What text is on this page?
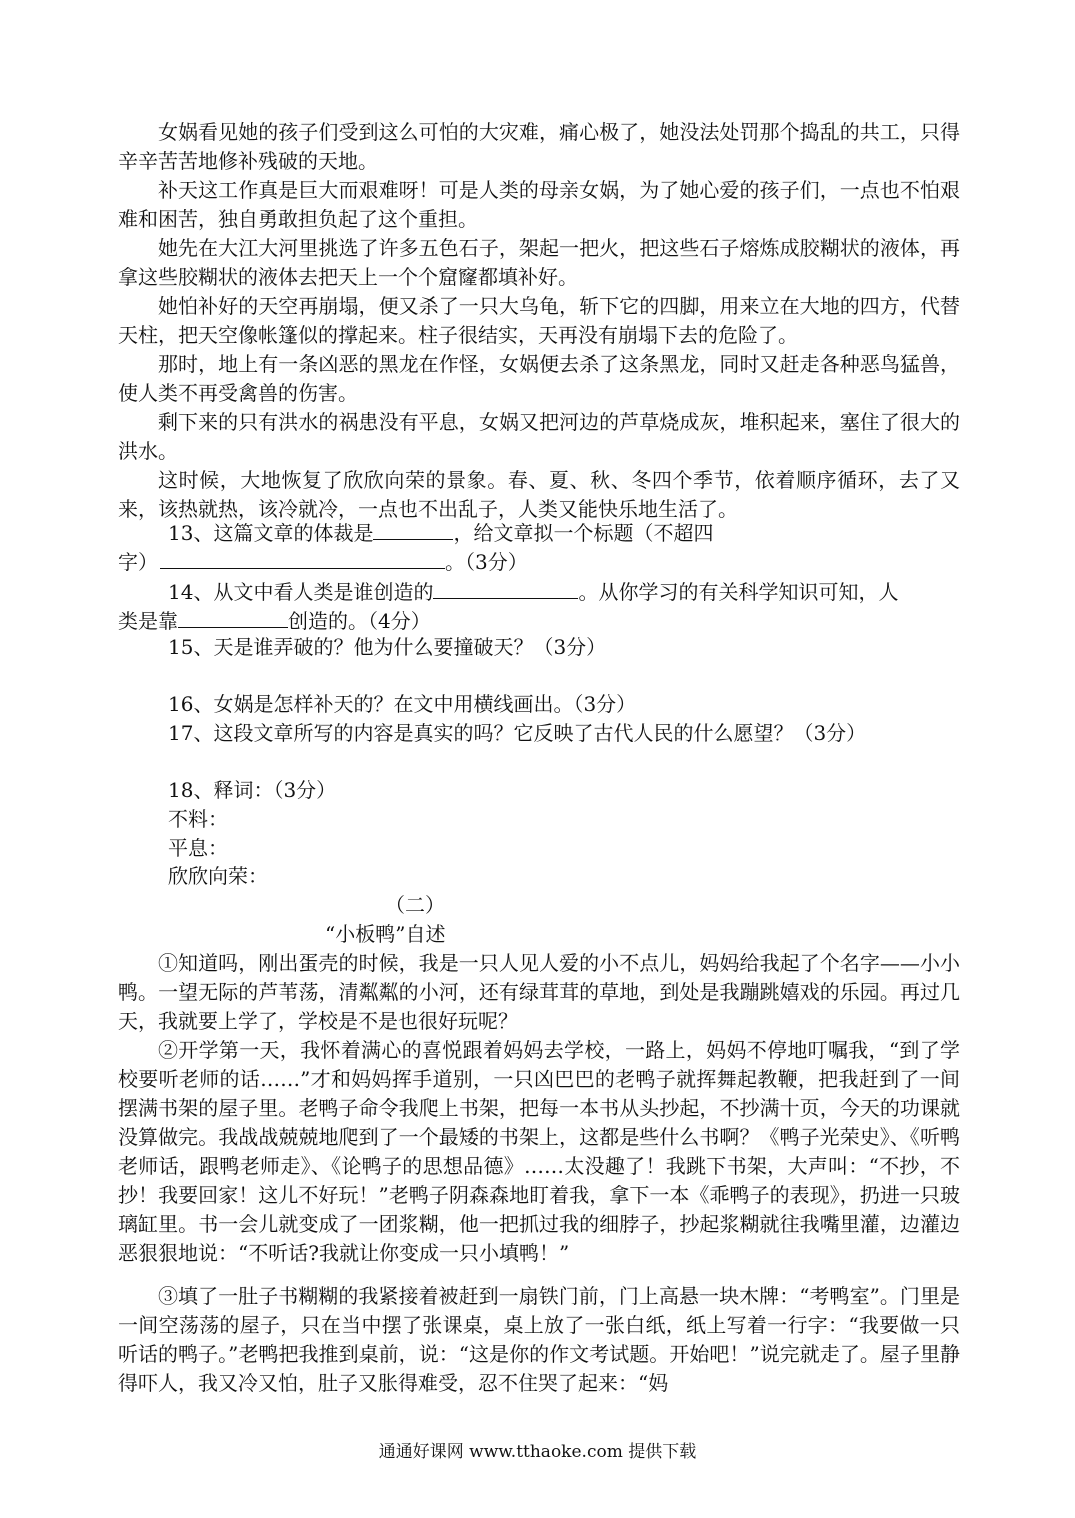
女娲看见她的孩子们受到这么可怕的大灾难，痛心极了，她没法处罚那个捣乱的共工，只得辛辛苦苦地修补残破的天地。

补天这工作真是巨大而艰难呀！可是人类的母亲女娲，为了她心爱的孩子们，一点也不怕艰难和困苦，独自勇敢担负起了这个重担。

她先在大江大河里挑选了许多五色石子，架起一把火，把这些石子熔炼成胶糊状的液体，再拿这些胶糊状的液体去把天上一个个窟窿都填补好。

她怕补好的天空再崩塌，便又杀了一只大乌龟，斩下它的四脚，用来立在大地的四方，代替天柱，把天空像帐篷似的撑起来。柱子很结实，天再没有崩塌下去的危险了。

那时，地上有一条凶恶的黑龙在作怪，女娲便去杀了这条黑龙，同时又赶走各种恶鸟猛兽，使人类不再受禽兽的伤害。

剩下来的只有洪水的祸患没有平息，女娲又把河边的芦草烧成灰，堆积起来，塞住了很大的洪水。

这时候，大地恢复了欣欣向荣的景象。春、夏、秋、冬四个季节，依着顺序循环，去了又来，该热就热，该冷就冷，一点也不出乱子，人类又能快乐地生活了。

13、这篇文章的体裁是	，给文章拟一个标题（不超四
字）	。（3分）
14、从文中看人类是谁创造的	。从你学习的有关科学知识可知，人
类是靠	创造的。（4分）
15、天是谁弄破的？他为什么要撞破天？（3分）
16、女娲是怎样补天的？在文中用横线画出。（3分）
17、这段文章所写的内容是真实的吗？它反映了古代人民的什么愿望？（3分）
18、释词：（3分）
不料：
平息：
欣欣向荣：
（二）
“小板鸭”自述

①知道吗，刚出蛋壳的时候，我是一只人见人爱的小不点儿，妈妈给我起了个名字——小小鸭。一望无际的芦苇荡，清粼粼的小河，还有绿茸茸的草地，到处是我蹦跳嬉戏的乐园。再过几天，我就要上学了，学校是不是也很好玩呢？

②开学第一天，我怀着满心的喜悦跟着妈妈去学校，一路上，妈妈不停地叮嘱我，“到了学校要听老师的话……”才和妈妈挥手道别，一只凶巴巴的老鸭子就挥舞起教鞭，把我赶到了一间摆满书架的屋子里。老鸭子命令我爬上书架，把每一本书从头抄起，不抄满十页，今天的功课就没算做完。我战战兢兢地爬到了一个最矮的书架上，这都是些什么书啊？《鸭子光荣史》、《听鸭老师话，跟鸭老师走》、《论鸭子的思想品德》……太没趣了！我跳下书架，大声叫：“不抄，不抄！我要回家！这儿不好玩！”老鸭子阴森森地盯着我，拿下一本《乖鸭子的表现》，扔进一只玻璃缸里。书一会儿就变成了一团浆糊，他一把抓过我的细脖子，抄起浆糊就往我嘴里灌，边灌边恶狠狠地说：“不听话?我就让你变成一只小填鸭！”

③填了一肚子书糊糊的我紧接着被赶到一扇铁门前，门上高悬一块木牌：“考鸭室”。门里是一间空荡荡的屋子，只在当中摆了张课桌，桌上放了一张白纸，纸上写着一行字：“我要做一只听话的鸭子。”老鸭把我推到桌前，说：“这是你的作文考试题。开始吧！”说完就走了。屋子里静得吓人，我又冷又怕，肚子又胀得难受，忍不住哭了起来：“妈

通通好课网 www.tthaoke.com 提供下载
